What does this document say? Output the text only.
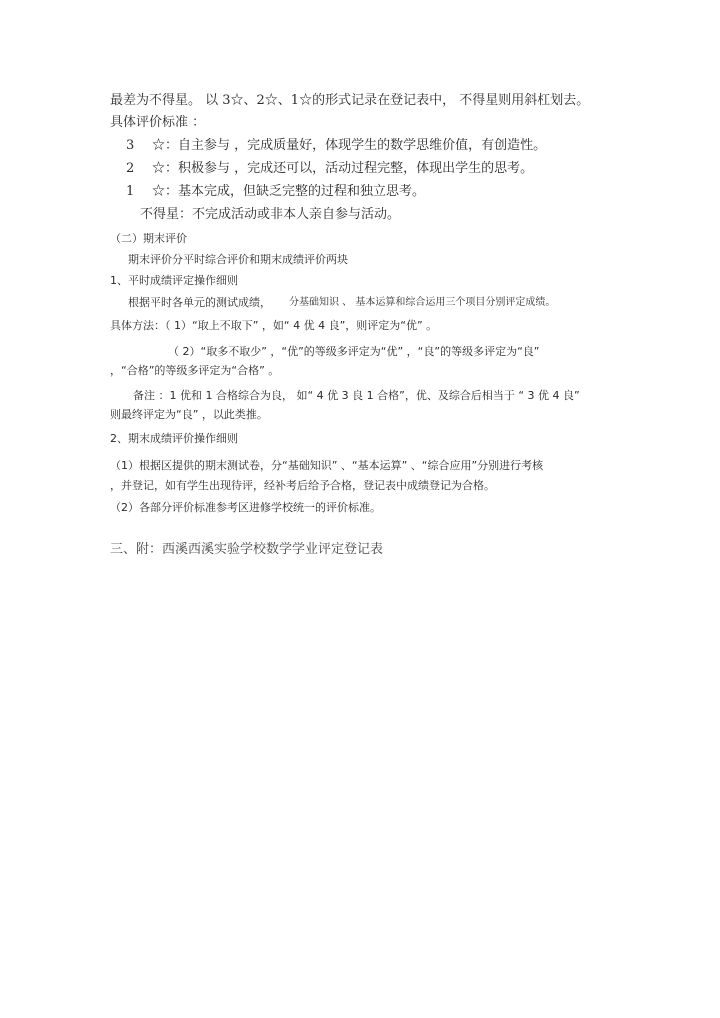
最差为不得星。 以 3☆、2☆、1☆的形式记录在登记表中， 不得星则用斜杠划去。
具体评价标准 ：
3 ☆：自主参与 ，完成质量好，体现学生的数学思维价值，有创造性。
2 ☆：积极参与 ，完成还可以，活动过程完整，体现出学生的思考。
1 ☆：基本完成，但缺乏完整的过程和独立思考。
不得星：不完成活动或非本人亲自参与活动。
（二）期末评价
期末评价分平时综合评价和期末成绩评价两块
1、平时成绩评定操作细则
根据平时各单元的测试成绩， 分基础知识 、 基本运算和综合运用三个项目分别评定成绩。
具体方法：（ 1）“取上不取下” ，如“ 4 优 4 良”，则评定为“优” 。
（ 2）“取多不取少” ，“优”的等级多评定为“优” ，“良”的等级多评定为“良”
，“合格”的等级多评定为“合格” 。
备注 ：1 优和 1 合格综合为良， 如“ 4 优 3 良 1 合格”，优、及综合后相当于 “ 3 优 4 良”
则最终评定为“良” ，以此类推。
2、期末成绩评价操作细则
（1）根据区提供的期末测试卷，分“基础知识” 、“基本运算” 、“综合应用”分别进行考核
，并登记，如有学生出现待评，经补考后给予合格，登记表中成绩登记为合格。
（2）各部分评价标准参考区进修学校统一的评价标准。
三、附：西溪西溪实验学校数学学业评定登记表
